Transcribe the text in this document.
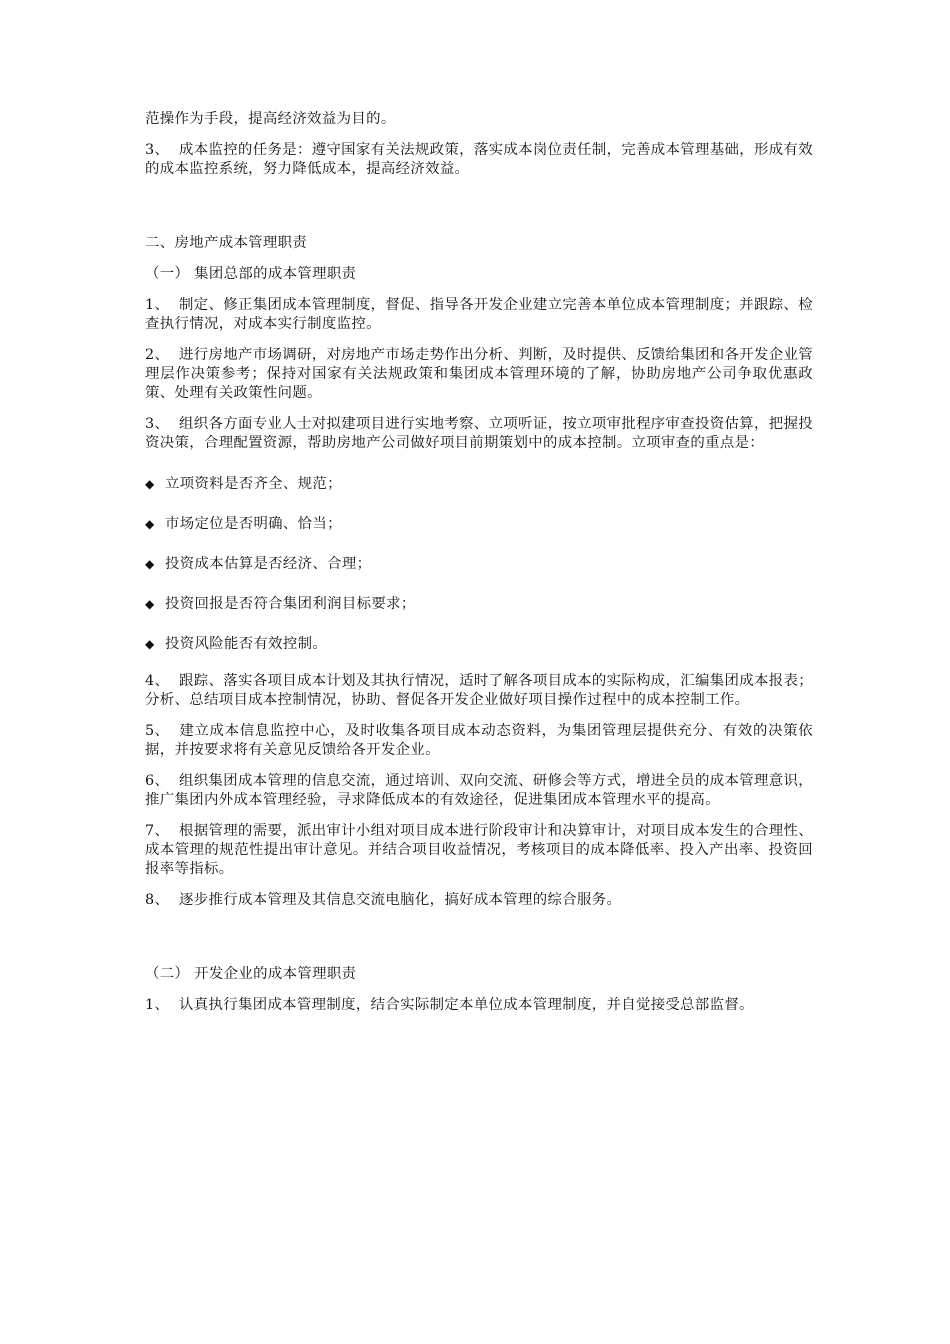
范操作为手段，提高经济效益为目的。

3、 成本监控的任务是：遵守国家有关法规政策，落实成本岗位责任制，完善成本管理基础，形成有效的成本监控系统，努力降低成本，提高经济效益。

二、房地产成本管理职责

（一） 集团总部的成本管理职责

1、 制定、修正集团成本管理制度，督促、指导各开发企业建立完善本单位成本管理制度；并跟踪、检查执行情况，对成本实行制度监控。

2、 进行房地产市场调研，对房地产市场走势作出分析、判断，及时提供、反馈给集团和各开发企业管理层作决策参考；保持对国家有关法规政策和集团成本管理环境的了解，协助房地产公司争取优惠政策、处理有关政策性问题。

3、 组织各方面专业人士对拟建项目进行实地考察、立项听证，按立项审批程序审查投资估算，把握投资决策，合理配置资源，帮助房地产公司做好项目前期策划中的成本控制。立项审查的重点是：

◆ 立项资料是否齐全、规范；

◆ 市场定位是否明确、恰当；

◆ 投资成本估算是否经济、合理；

◆ 投资回报是否符合集团利润目标要求；

◆ 投资风险能否有效控制。

4、 跟踪、落实各项目成本计划及其执行情况，适时了解各项目成本的实际构成，汇编集团成本报表；分析、总结项目成本控制情况，协助、督促各开发企业做好项目操作过程中的成本控制工作。

5、 建立成本信息监控中心，及时收集各项目成本动态资料，为集团管理层提供充分、有效的决策依据，并按要求将有关意见反馈给各开发企业。

6、 组织集团成本管理的信息交流，通过培训、双向交流、研修会等方式，增进全员的成本管理意识，推广集团内外成本管理经验，寻求降低成本的有效途径，促进集团成本管理水平的提高。

7、 根据管理的需要，派出审计小组对项目成本进行阶段审计和决算审计，对项目成本发生的合理性、成本管理的规范性提出审计意见。并结合项目收益情况，考核项目的成本降低率、投入产出率、投资回报率等指标。

8、 逐步推行成本管理及其信息交流电脑化，搞好成本管理的综合服务。

（二） 开发企业的成本管理职责

1、 认真执行集团成本管理制度，结合实际制定本单位成本管理制度，并自觉接受总部监督。
